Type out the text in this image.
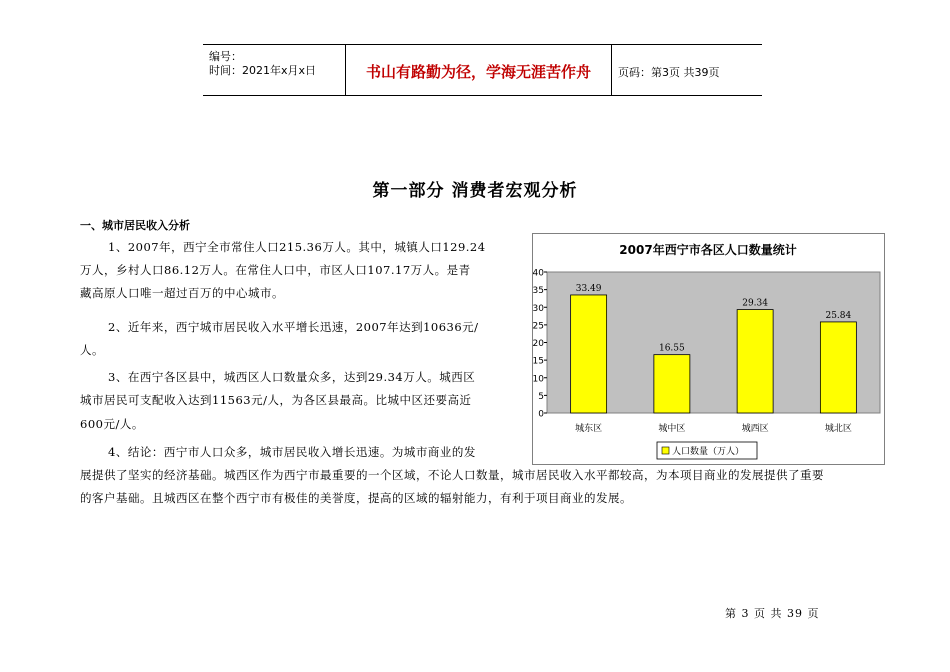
编号：
时间：2021年x月x日	书山有路勤为径，学海无涯苦作舟	页码：第3页 共39页
第一部分 消费者宏观分析
一、城市居民收入分析
1、2007年，西宁全市常住人口215.36万人。其中，城镇人口129.24
万人，乡村人口86.12万人。在常住人口中，市区人口107.17万人。是青
藏高原人口唯一超过百万的中心城市。
2、近年来，西宁城市居民收入水平增长迅速，2007年达到10636元/
人。
3、在西宁各区县中，城西区人口数量众多，达到29.34万人。城西区
城市居民可支配收入达到11563元/人，为各区县最高。比城中区还要高近
600元/人。
4、结论：西宁市人口众多，城市居民收入增长迅速。为城市商业的发
展提供了坚实的经济基础。城西区作为西宁市最重要的一个区域，不论人口数量，城市居民收入水平都较高，为本项目商业的发展提供了重要
的客户基础。且城西区在整个西宁市有极佳的美誉度，提高的区域的辐射能力，有利于项目商业的发展。
2007年西宁市各区人口数量统计
0
5
10
15
20
25
30
35
40
33.49
城东区
16.55
城中区
29.34
城西区
25.84
城北区
人口数量（万人）
第 3 页 共 39 页
